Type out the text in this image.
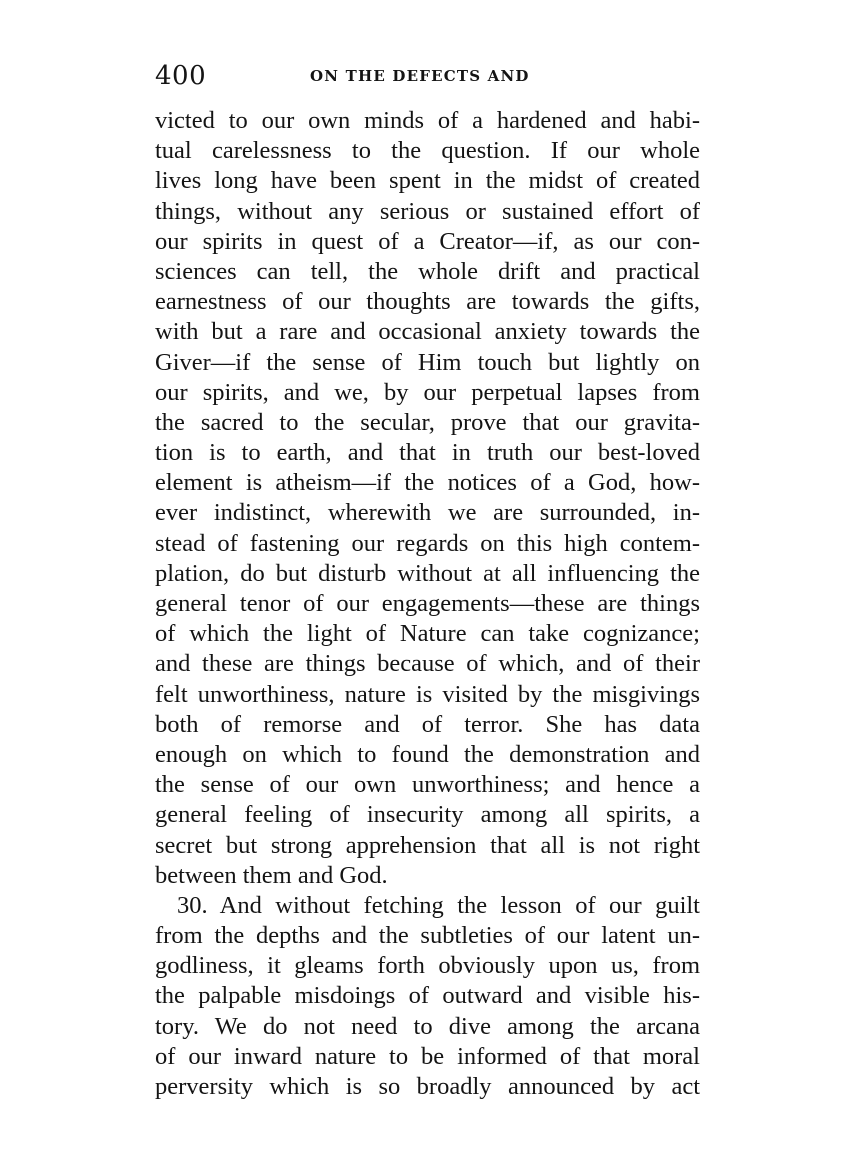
400	ON THE DEFECTS AND
victed to our own minds of a hardened and habi-
tual carelessness to the question. If our whole
lives long have been spent in the midst of created
things, without any serious or sustained effort of
our spirits in quest of a Creator—if, as our con-
sciences can tell, the whole drift and practical
earnestness of our thoughts are towards the gifts,
with but a rare and occasional anxiety towards the
Giver—if the sense of Him touch but lightly on
our spirits, and we, by our perpetual lapses from
the sacred to the secular, prove that our gravita-
tion is to earth, and that in truth our best-loved
element is atheism—if the notices of a God, how-
ever indistinct, wherewith we are surrounded, in-
stead of fastening our regards on this high contem-
plation, do but disturb without at all influencing the
general tenor of our engagements—these are things
of which the light of Nature can take cognizance;
and these are things because of which, and of their
felt unworthiness, nature is visited by the misgivings
both of remorse and of terror. She has data
enough on which to found the demonstration and
the sense of our own unworthiness; and hence a
general feeling of insecurity among all spirits, a
secret but strong apprehension that all is not right
between them and God.
30. And without fetching the lesson of our guilt
from the depths and the subtleties of our latent un-
godliness, it gleams forth obviously upon us, from
the palpable misdoings of outward and visible his-
tory. We do not need to dive among the arcana
of our inward nature to be informed of that moral
perversity which is so broadly announced by act
